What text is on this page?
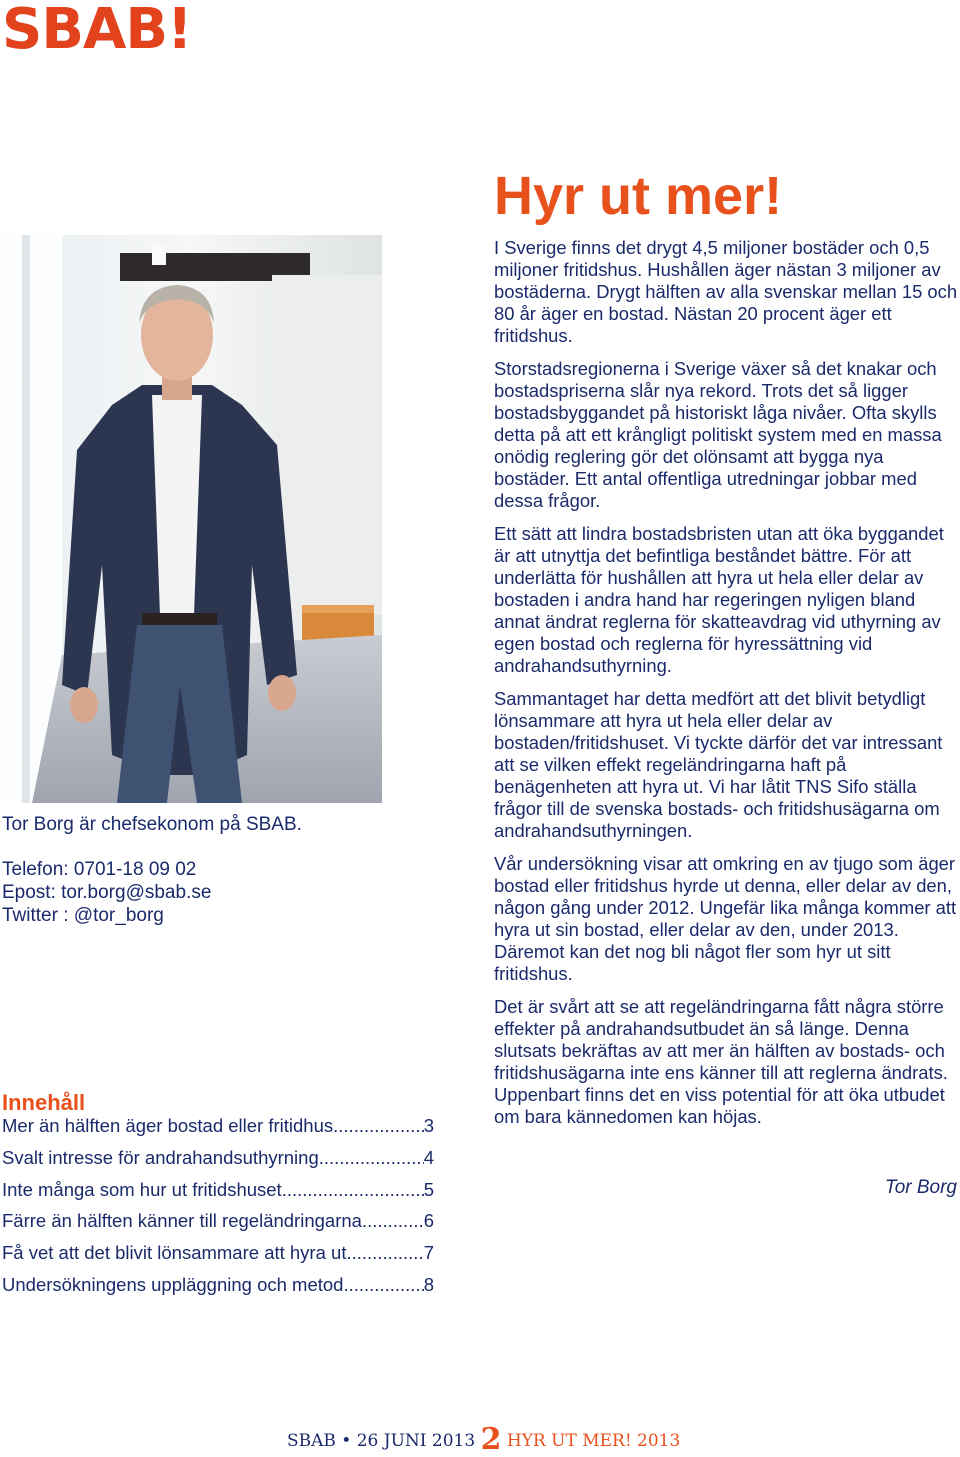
SBAB!
Tor Borg är chefsekonom på SBAB.
Telefon: 0701-18 09 02
Epost: tor.borg@sbab.se
Twitter : @tor_borg
Innehåll
Mer än hälften äger bostad eller fritidhus .....	3
Svalt intresse för andrahandsuthyrning .....	4
Inte många som hur ut fritidshuset .....	5
Färre än hälften känner till regeländringarna .....	6
Få vet att det blivit lönsammare att hyra ut .....	7
Undersökningens uppläggning och metod .....	8
Hyr ut mer!

I Sverige finns det drygt 4,5 miljoner bostäder och 0,5 miljoner fritidshus. Hushållen äger nästan 3 miljoner av bostäderna. Drygt hälften av alla svenskar mellan 15 och 80 år äger en bostad. Nästan 20 procent äger ett fritidshus.

Storstadsregionerna i Sverige växer så det knakar och bostadspriserna slår nya rekord. Trots det så ligger bostadsbyggandet på historiskt låga nivåer. Ofta skylls detta på att ett krångligt politiskt system med en massa onödig reglering gör det olönsamt att bygga nya bostäder. Ett antal offentliga utredningar jobbar med dessa frågor.

Ett sätt att lindra bostadsbristen utan att öka byggandet är att utnyttja det befintliga beståndet bättre. För att underlätta för hushållen att hyra ut hela eller delar av bostaden i andra hand har regeringen nyligen bland annat ändrat reglerna för skatteavdrag vid uthyrning av egen bostad och reglerna för hyressättning vid andrahandsuthyrning.

Sammantaget har detta medfört att det blivit betydligt lönsammare att hyra ut hela eller delar av bostaden/fritidshuset. Vi tyckte därför det var intressant att se vilken effekt regeländringarna haft på benägenheten att hyra ut. Vi har låtit TNS Sifo ställa frågor till de svenska bostads- och fritidshusägarna om andrahandsuthyrningen.

Vår undersökning visar att omkring en av tjugo som äger bostad eller fritidshus hyrde ut denna, eller delar av den, någon gång under 2012. Ungefär lika många kommer att hyra ut sin bostad, eller delar av den, under 2013. Däremot kan det nog bli något fler som hyr ut sitt fritidshus.

Det är svårt att se att regeländringarna fått några större effekter på andrahandsutbudet än så länge. Denna slutsats bekräftas av att mer än hälften av bostads- och fritidshusägarna inte ens känner till att reglerna ändrats. Uppenbart finns det en viss potential för att öka utbudet om bara kännedomen kan höjas.

Tor Borg
SBAB • 26 JUNI 2013 2 HYR UT MER! 2013
